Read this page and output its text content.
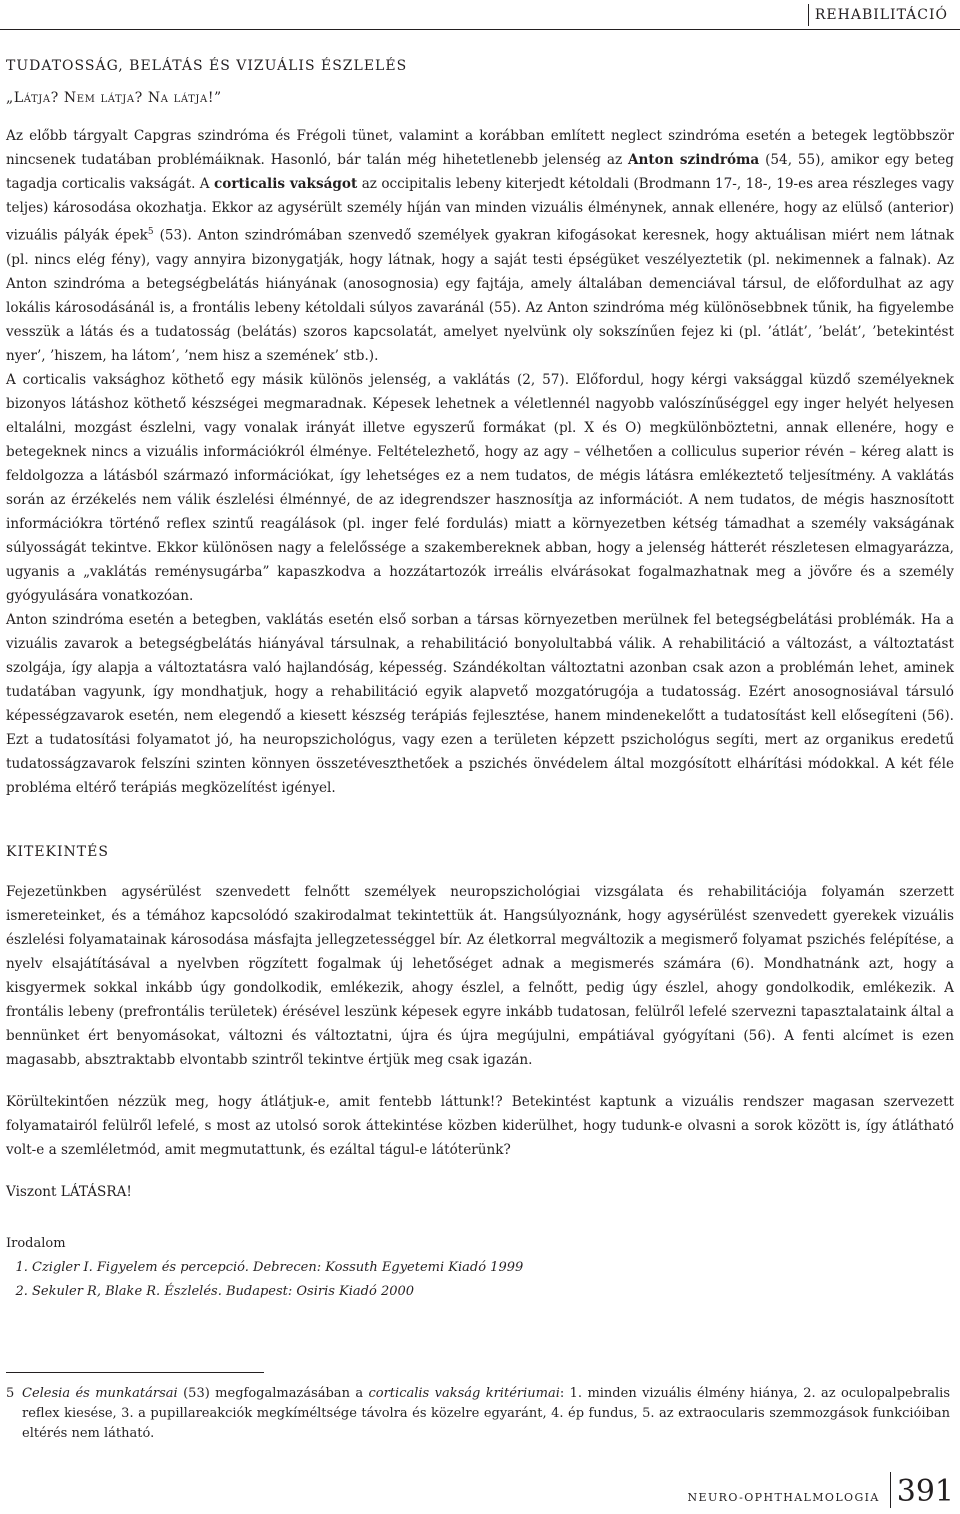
REHABILITÁCIÓ
TUDATOSSÁG, BELÁTÁS ÉS VIZUÁLIS ÉSZLELÉS
„Látja? Nem látja? Na látja!”

Az előbb tárgyalt Capgras szindróma és Frégoli tünet, valamint a korábban említett neglect szindróma esetén a betegek legtöbbször nincsenek tudatában problémáiknak. Hasonló, bár talán még hihetetlenebb jelenség az Anton szindróma (54, 55), amikor egy beteg tagadja corticalis vakságát. A corticalis vakságot az occipitalis lebeny kiterjedt kétoldali (Brodmann 17-, 18-, 19-es area részleges vagy teljes) károsodása okozhatja. Ekkor az agysérült személy híján van minden vizuális élménynek, annak ellenére, hogy az elülső (anterior) vizuális pályák épek$^5$ (53). Anton szindrómában szenvedő személyek gyakran kifogásokat keresnek, hogy aktuálisan miért nem látnak (pl. nincs elég fény), vagy annyira bizonygatják, hogy látnak, hogy a saját testi épségüket veszélyeztetik (pl. nekimennek a falnak). Az Anton szindróma a betegségbelátás hiányának (anosognosia) egy fajtája, amely általában demenciával társul, de előfordulhat az agy lokális károsodásánál is, a frontális lebeny kétoldali súlyos zavaránál (55). Az Anton szindróma még különösebbnek tűnik, ha figyelembe vesszük a látás és a tudatosság (belátás) szoros kapcsolatát, amelyet nyelvünk oly sokszínűen fejez ki (pl. ’átlát’, ’belát’, ’betekintést nyer’, ’hiszem, ha látom’, ’nem hisz a szemének’ stb.).

A corticalis vaksághoz köthető egy másik különös jelenség, a vaklátás (2, 57). Előfordul, hogy kérgi vaksággal küzdő személyeknek bizonyos látáshoz köthető készségei megmaradnak. Képesek lehetnek a véletlennél nagyobb valószínűséggel egy inger helyét helyesen eltalálni, mozgást észlelni, vagy vonalak irányát illetve egyszerű formákat (pl. X és O) megkülönböztetni, annak ellenére, hogy e betegeknek nincs a vizuális információkról élménye. Feltételezhető, hogy az agy – vélhetően a colliculus superior révén – kéreg alatt is feldolgozza a látásból származó információkat, így lehetséges ez a nem tudatos, de mégis látásra emlékeztető teljesítmény. A vaklátás során az érzékelés nem válik észlelési élménnyé, de az idegrendszer hasznosítja az információt. A nem tudatos, de mégis hasznosított információkra történő reflex szintű reagálások (pl. inger felé fordulás) miatt a környezetben kétség támadhat a személy vakságának súlyosságát tekintve. Ekkor különösen nagy a felelőssége a szakembereknek abban, hogy a jelenség hátterét részletesen elmagyarázza, ugyanis a „vaklátás reménysugárba” kapaszkodva a hozzátartozók irreális elvárásokat fogalmazhatnak meg a jövőre és a személy gyógyulására vonatkozóan.

Anton szindróma esetén a betegben, vaklátás esetén első sorban a társas környezetben merülnek fel betegségbelátási problémák. Ha a vizuális zavarok a betegségbelátás hiányával társulnak, a rehabilitáció bonyolultabbá válik. A rehabilitáció a változást, a változtatást szolgája, így alapja a változtatásra való hajlandóság, képesség. Szándékoltan változtatni azonban csak azon a problémán lehet, aminek tudatában vagyunk, így mondhatjuk, hogy a rehabilitáció egyik alapvető mozgatórugója a tudatosság. Ezért anosognosiával társuló képességzavarok esetén, nem elegendő a kiesett készség terápiás fejlesztése, hanem mindenekelőtt a tudatosítást kell elősegíteni (56). Ezt a tudatosítási folyamatot jó, ha neuropszichológus, vagy ezen a területen képzett pszichológus segíti, mert az organikus eredetű tudatosságzavarok felszíni szinten könnyen összetéveszthetőek a pszichés önvédelem által mozgósított elhárítási módokkal. A két féle probléma eltérő terápiás megközelítést igényel.

KITEKINTÉS

Fejezetünkben agysérülést szenvedett felnőtt személyek neuropszichológiai vizsgálata és rehabilitációja folyamán szerzett ismereteinket, és a témához kapcsolódó szakirodalmat tekintettük át. Hangsúlyoznánk, hogy agysérülést szenvedett gyerekek vizuális észlelési folyamatainak károsodása másfajta jellegzetességgel bír. Az életkorral megváltozik a megismerő folyamat pszichés felépítése, a nyelv elsajátításával a nyelvben rögzített fogalmak új lehetőséget adnak a megismerés számára (6). Mondhatnánk azt, hogy a kisgyermek sokkal inkább úgy gondolkodik, emlékezik, ahogy észlel, a felnőtt, pedig úgy észlel, ahogy gondolkodik, emlékezik. A frontális lebeny (prefrontális területek) érésével leszünk képesek egyre inkább tudatosan, felülről lefelé szervezni tapasztalataink által a bennünket ért benyomásokat, változni és változtatni, újra és újra megújulni, empátiával gyógyítani (56). A fenti alcímet is ezen magasabb, absztraktabb elvontabb szintről tekintve értjük meg csak igazán.

Körültekintően nézzük meg, hogy átlátjuk-e, amit fentebb láttunk!? Betekintést kaptunk a vizuális rendszer magasan szervezett folyamatairól felülről lefelé, s most az utolsó sorok áttekintése közben kiderülhet, hogy tudunk-e olvasni a sorok között is, így átlátható volt-e a szemléletmód, amit megmutattunk, és ezáltal tágul-e látóterünk?

Viszont LÁTÁSRA!

Irodalom
1. Czigler I. Figyelem és percepció. Debrecen: Kossuth Egyetemi Kiadó 1999
2. Sekuler R, Blake R. Észlelés. Budapest: Osiris Kiadó 2000
5 Celesia és munkatársai (53) megfogalmazásában a corticalis vakság kritériumai: 1. minden vizuális élmény hiánya, 2. az oculopalpebralis reflex kiesése, 3. a pupillareakciók megkíméltsége távolra és közelre egyaránt, 4. ép fundus, 5. az extraocularis szemmozgások funkcióiban eltérés nem látható.
NEURO-OPHTHALMOLOGIA 391
